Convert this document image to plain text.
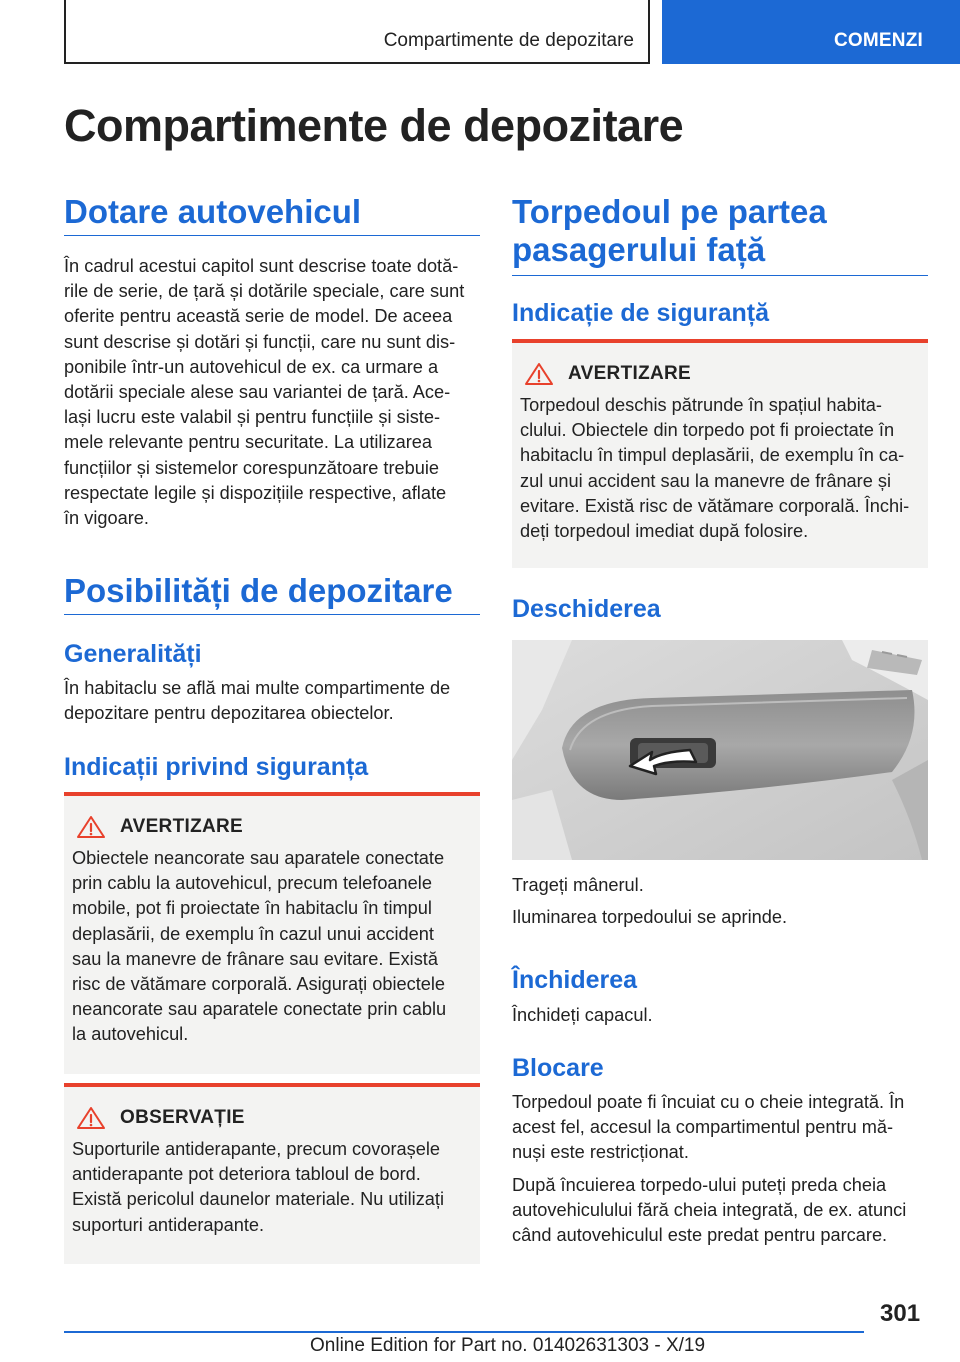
Compartimente de depozitare	COMENZI
Compartimente de depozitare
Dotare autovehicul
În cadrul acestui capitol sunt descrise toate dotă-
rile de serie, de țară și dotările speciale, care sunt
oferite pentru această serie de model. De aceea
sunt descrise și dotări și funcții, care nu sunt dis-
ponibile într-un autovehicul de ex. ca urmare a
dotării speciale alese sau variantei de țară. Ace-
lași lucru este valabil și pentru funcțiile și siste-
mele relevante pentru securitate. La utilizarea
funcțiilor și sistemelor corespunzătoare trebuie
respectate legile și dispozițiile respective, aflate
în vigoare.
Posibilități de depozitare
Generalități
În habitaclu se află mai multe compartimente de
depozitare pentru depozitarea obiectelor.
Indicații privind siguranța
AVERTIZARE
Obiectele neancorate sau aparatele conectate
prin cablu la autovehicul, precum telefoanele
mobile, pot fi proiectate în habitaclu în timpul
deplasării, de exemplu în cazul unui accident
sau la manevre de frânare sau evitare. Există
risc de vătămare corporală. Asigurați obiectele
neancorate sau aparatele conectate prin cablu
la autovehicul.
OBSERVAȚIE
Suporturile antiderapante, precum covorașele
antiderapante pot deteriora tabloul de bord.
Există pericolul daunelor materiale. Nu utilizați
suporturi antiderapante.
Torpedoul pe partea
pasagerului față
Indicație de siguranță
AVERTIZARE
Torpedoul deschis pătrunde în spațiul habita-
clului. Obiectele din torpedo pot fi proiectate în
habitaclu în timpul deplasării, de exemplu în ca-
zul unui accident sau la manevre de frânare și
evitare. Există risc de vătămare corporală. Închi-
deți torpedoul imediat după folosire.
Deschiderea
Trageți mânerul.
Iluminarea torpedoului se aprinde.
Închiderea
Închideți capacul.
Blocare
Torpedoul poate fi încuiat cu o cheie integrată. În
acest fel, accesul la compartimentul pentru mă-
nuși este restricționat.
După încuierea torpedo-ului puteți preda cheia
autovehiculului fără cheia integrată, de ex. atunci
când autovehiculul este predat pentru parcare.
301
Online Edition for Part no. 01402631303 - X/19
